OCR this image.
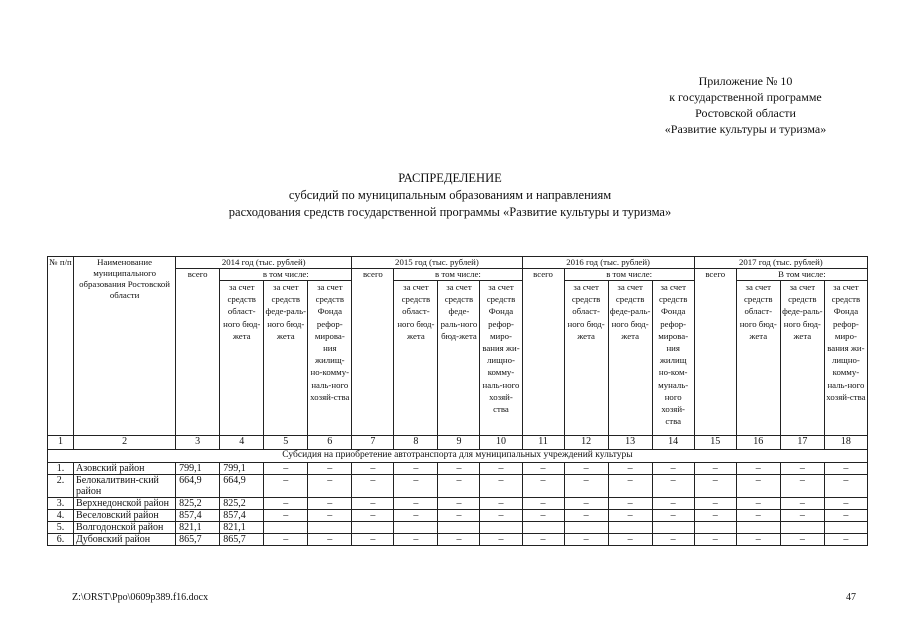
Приложение № 10
к государственной программе
Ростовской области
«Развитие культуры и туризма»
РАСПРЕДЕЛЕНИЕ
субсидий по муниципальным образованиям и направлениям
расходования средств государственной программы «Развитие культуры и туризма»
№ п/п	Наименование муниципального образования Ростовской области	2014 год (тыс. рублей)				2015 год (тыс. рублей)				2016 год (тыс. рублей)				2017 год (тыс. рублей)			
		всего	в том числе:			всего	в том числе:			всего	в том числе:			всего	В том числе:		
			за счет средств област-ного бюд-жета	за счет средств феде-раль-ного бюд-жета	за счет средств Фонда рефор-мирова-ния жилищ-но-комму-наль-ного хозяй-ства		за счет средств област-ного бюд-жета	за счет средств феде-раль-ного бюд-жета	за счет средств Фонда рефор-миро-вания жи-лищно-комму-наль-ного хозяй-ства		за счет средств област-ного бюд-жета	за счет средств феде-раль-ного бюд-жета	за счет средств Фонда рефор-мирова-ния жилищ но-ком-муналь-ного хозяй-ства		за счет средств област-ного бюд-жета	за счет средств феде-раль-ного бюд-жета	за счет средств Фонда рефор-миро-вания жи-лищно-комму-наль-ного хозяй-ства
1	2	3	4	5	6	7	8	9	10	11	12	13	14	15	16	17	18
Субсидия на приобретение автотранспорта для муниципальных учреждений культуры																	
1.	Азовский район	799,1	799,1	–	–	–	–	–	–	–	–	–	–	–	–	–	–
2.	Белокалитвин-ский район	664,9	664,9	–	–	–	–	–	–	–	–	–	–	–	–	–	–
3.	Верхнедонской район	825,2	825,2	–	–	–	–	–	–	–	–	–	–	–	–	–	–
4.	Веселовский район	857,4	857,4	–	–	–	–	–	–	–	–	–	–	–	–	–	–
5.	Волгодонской район	821,1	821,1														
6.	Дубовский район	865,7	865,7	–	–	–	–	–	–	–	–	–	–	–	–	–	–
Z:\ORST\Ppo\0609p389.f16.docx	47
